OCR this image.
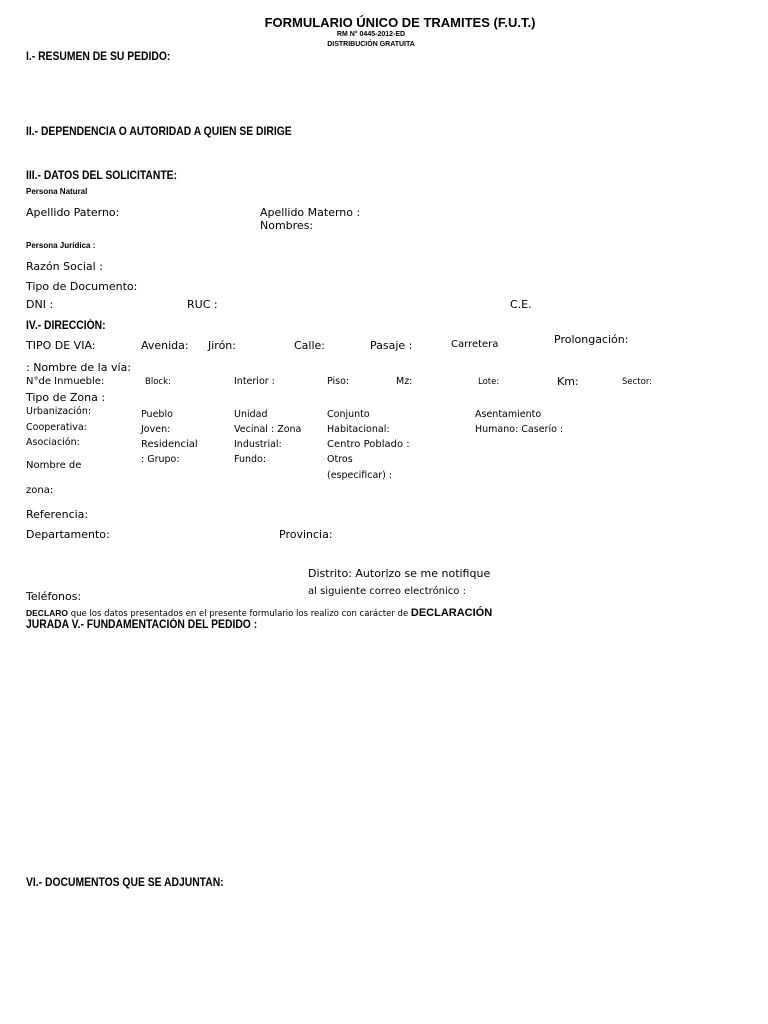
FORMULARIO ÚNICO DE TRAMITES (F.U.T.)
RM N° 0445-2012-ED
DISTRIBUCIÓN GRATUITA
I.- RESUMEN DE SU PEDIDO:
II.- DEPENDENCIA O AUTORIDAD A QUIEN SE DIRIGE
III.- DATOS DEL SOLICITANTE:
Persona Natural
Apellido Paterno:	Apellido Materno :
Nombres:
Persona Jurídica :
Razón Social :
Tipo de Documento:
DNI :	RUC :	C.E.
IV.- DIRECCIÓN:
TIPO DE VIA:	Avenida: Jirón:	Calle:	Pasaje :	Carretera	Prolongación:
: Nombre de la vía:
N°de Inmueble:	Block:	Interior :	Piso:	Mz:	Lote:	Km:	Sector:
Tipo de Zona :
Urbanización:	Pueblo	Unidad	Conjunto	Asentamiento
Cooperativa:	Joven:	Vecinal : Zona	Habitacional:	Humano: Caserío :
Asociación:	Residencial	Industrial:	Centro Poblado :
: Grupo:	Fundo:	Otros
(especificar) :
Nombre de
zona:
Referencia:
Departamento:	Provincia:
Distrito: Autorizo se me notifique
al siguiente correo electrónico :
Teléfonos:
DECLARO que los datos presentados en el presente formulario los realizo con carácter de DECLARACIÓN
JURADA V.- FUNDAMENTACIÓN DEL PEDIDO :
VI.- DOCUMENTOS QUE SE ADJUNTAN:
